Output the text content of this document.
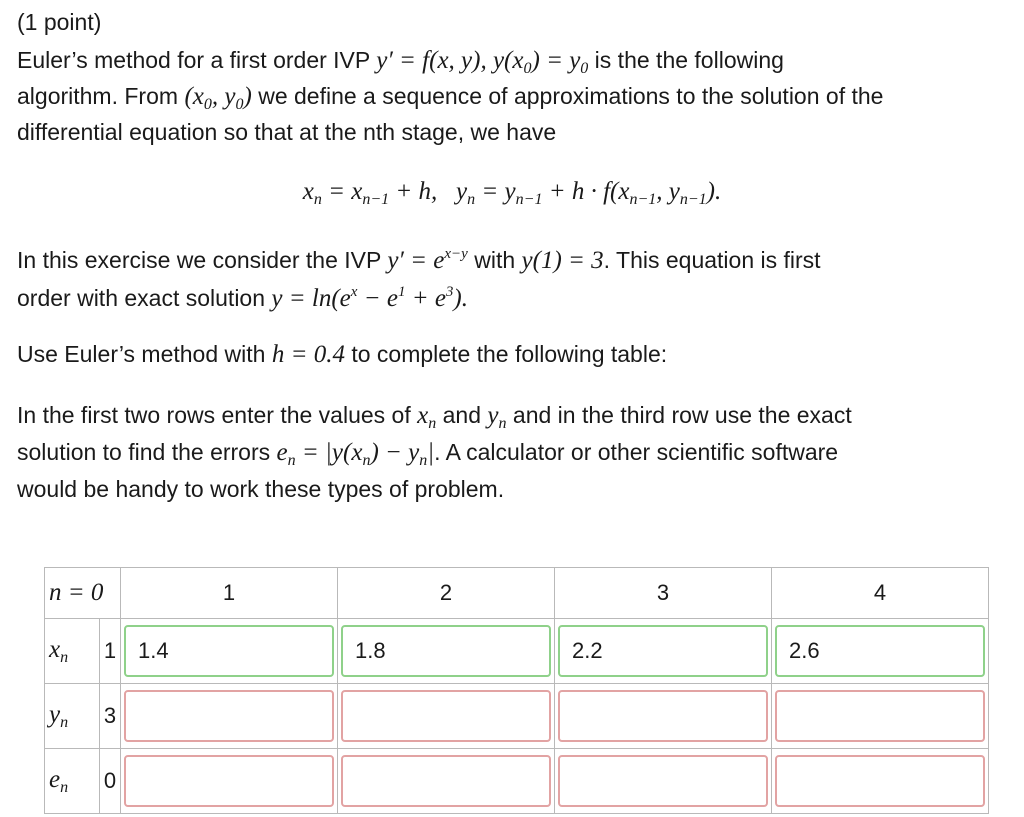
(1 point)
Euler’s method for a first order IVP y′ = f(x, y), $y(x_0) = y_0$ is the the following
algorithm. From ($x_0$, $y_0$) we define a sequence of approximations to the solution of the
differential equation so that at the nth stage, we have
$x_n = x_{n-1} + h$,   $y_n = y_{n-1} + h \cdot f(x_{n-1}$, $y_{n-1}$).
In this exercise we consider the IVP $y' = e^{x-y}$ with y(1) = 3. This equation is first
order with exact solution $y = \ln(e^x - e^1 + e^3)$.
Use Euler’s method with h = 0.4 to complete the following table:
In the first two rows enter the values of $x_n$ and $y_n$ and in the third row use the exact
solution to find the errors $e_n = |y(x_n) - y_n|$. A calculator or other scientific software
would be handy to work these types of problem.
n = 0		1	2	3	4
$x_n$	1	1.4	1.8	2.2	2.6

$y_n$	3	

$e_n$	0	
